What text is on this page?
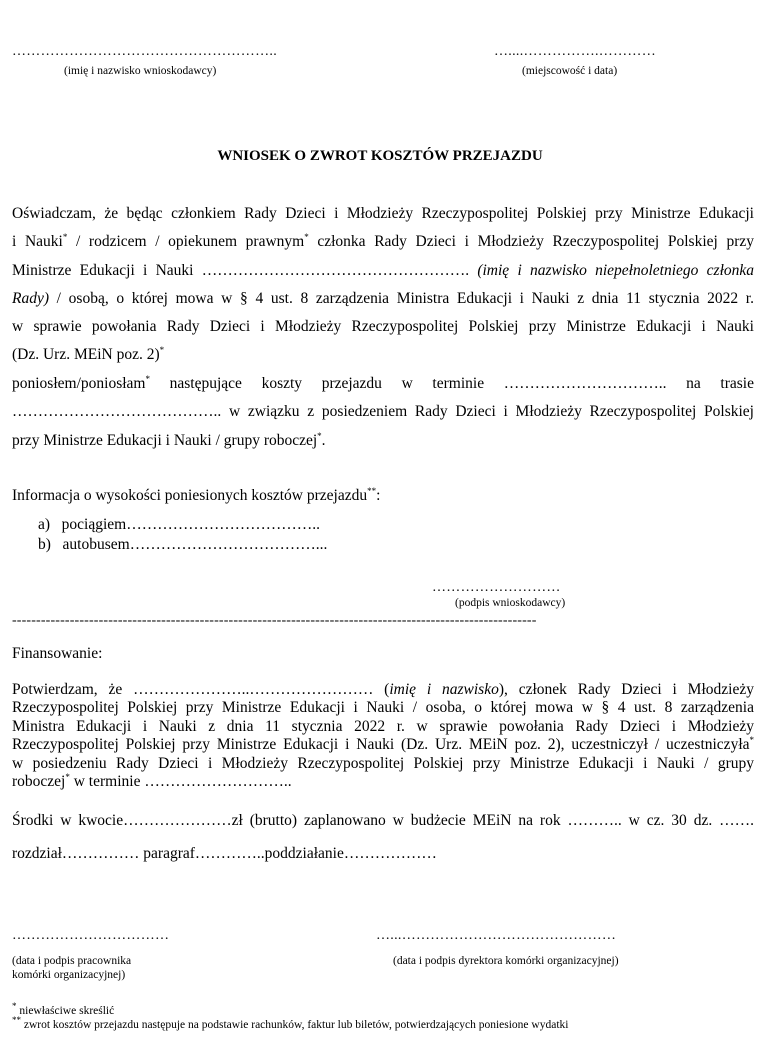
………………………………………………..
(imię i nazwisko wnioskodawcy)
…....…………….…………
(miejscowość i data)
WNIOSEK O ZWROT KOSZTÓW PRZEJAZDU
Oświadczam, że będąc członkiem Rady Dzieci i Młodzieży Rzeczypospolitej Polskiej przy Ministrze Edukacji
i Nauki* / rodzicem / opiekunem prawnym* członka Rady Dzieci i Młodzieży Rzeczypospolitej Polskiej przy
Ministrze Edukacji i Nauki ……………………………………………. (imię i nazwisko niepełnoletniego członka
Rady) / osobą, o której mowa w § 4 ust. 8 zarządzenia Ministra Edukacji i Nauki z dnia 11 stycznia 2022 r.
w sprawie powołania Rady Dzieci i Młodzieży Rzeczypospolitej Polskiej przy Ministrze Edukacji i Nauki
(Dz. Urz. MEiN poz. 2)*
poniosłem/poniosłam* następujące koszty przejazdu w terminie ………………………….. na trasie
………………………………….. w związku z posiedzeniem Rady Dzieci i Młodzieży Rzeczypospolitej Polskiej
przy Ministrze Edukacji i Nauki / grupy roboczej*.
Informacja o wysokości poniesionych kosztów przejazdu**:
a) pociągiem………………………………..
b) autobusem………………………………...
………………………
(podpis wnioskodawcy)
-------------------------------------------------------------------------------------------------------------
Finansowanie:
Potwierdzam, że …………………..…………………… (imię i nazwisko), członek Rady Dzieci i Młodzieży
Rzeczypospolitej Polskiej przy Ministrze Edukacji i Nauki / osoba, o której mowa w § 4 ust. 8 zarządzenia
Ministra Edukacji i Nauki z dnia 11 stycznia 2022 r. w sprawie powołania Rady Dzieci i Młodzieży
Rzeczypospolitej Polskiej przy Ministrze Edukacji i Nauki (Dz. Urz. MEiN poz. 2), uczestniczył / uczestniczyła*
w posiedzeniu Rady Dzieci i Młodzieży Rzeczypospolitej Polskiej przy Ministrze Edukacji i Nauki / grupy
roboczej* w terminie ………………………..
Środki w kwocie…………………zł (brutto) zaplanowano w budżecie MEiN na rok ……….. w cz. 30 dz. …….
rozdział…………… paragraf…………..poddziałanie………………
……………………………
(data i podpis pracownika
komórki organizacyjnej)
…...………………………………………
(data i podpis dyrektora komórki organizacyjnej)
* niewłaściwe skreślić
** zwrot kosztów przejazdu następuje na podstawie rachunków, faktur lub biletów, potwierdzających poniesione wydatki
